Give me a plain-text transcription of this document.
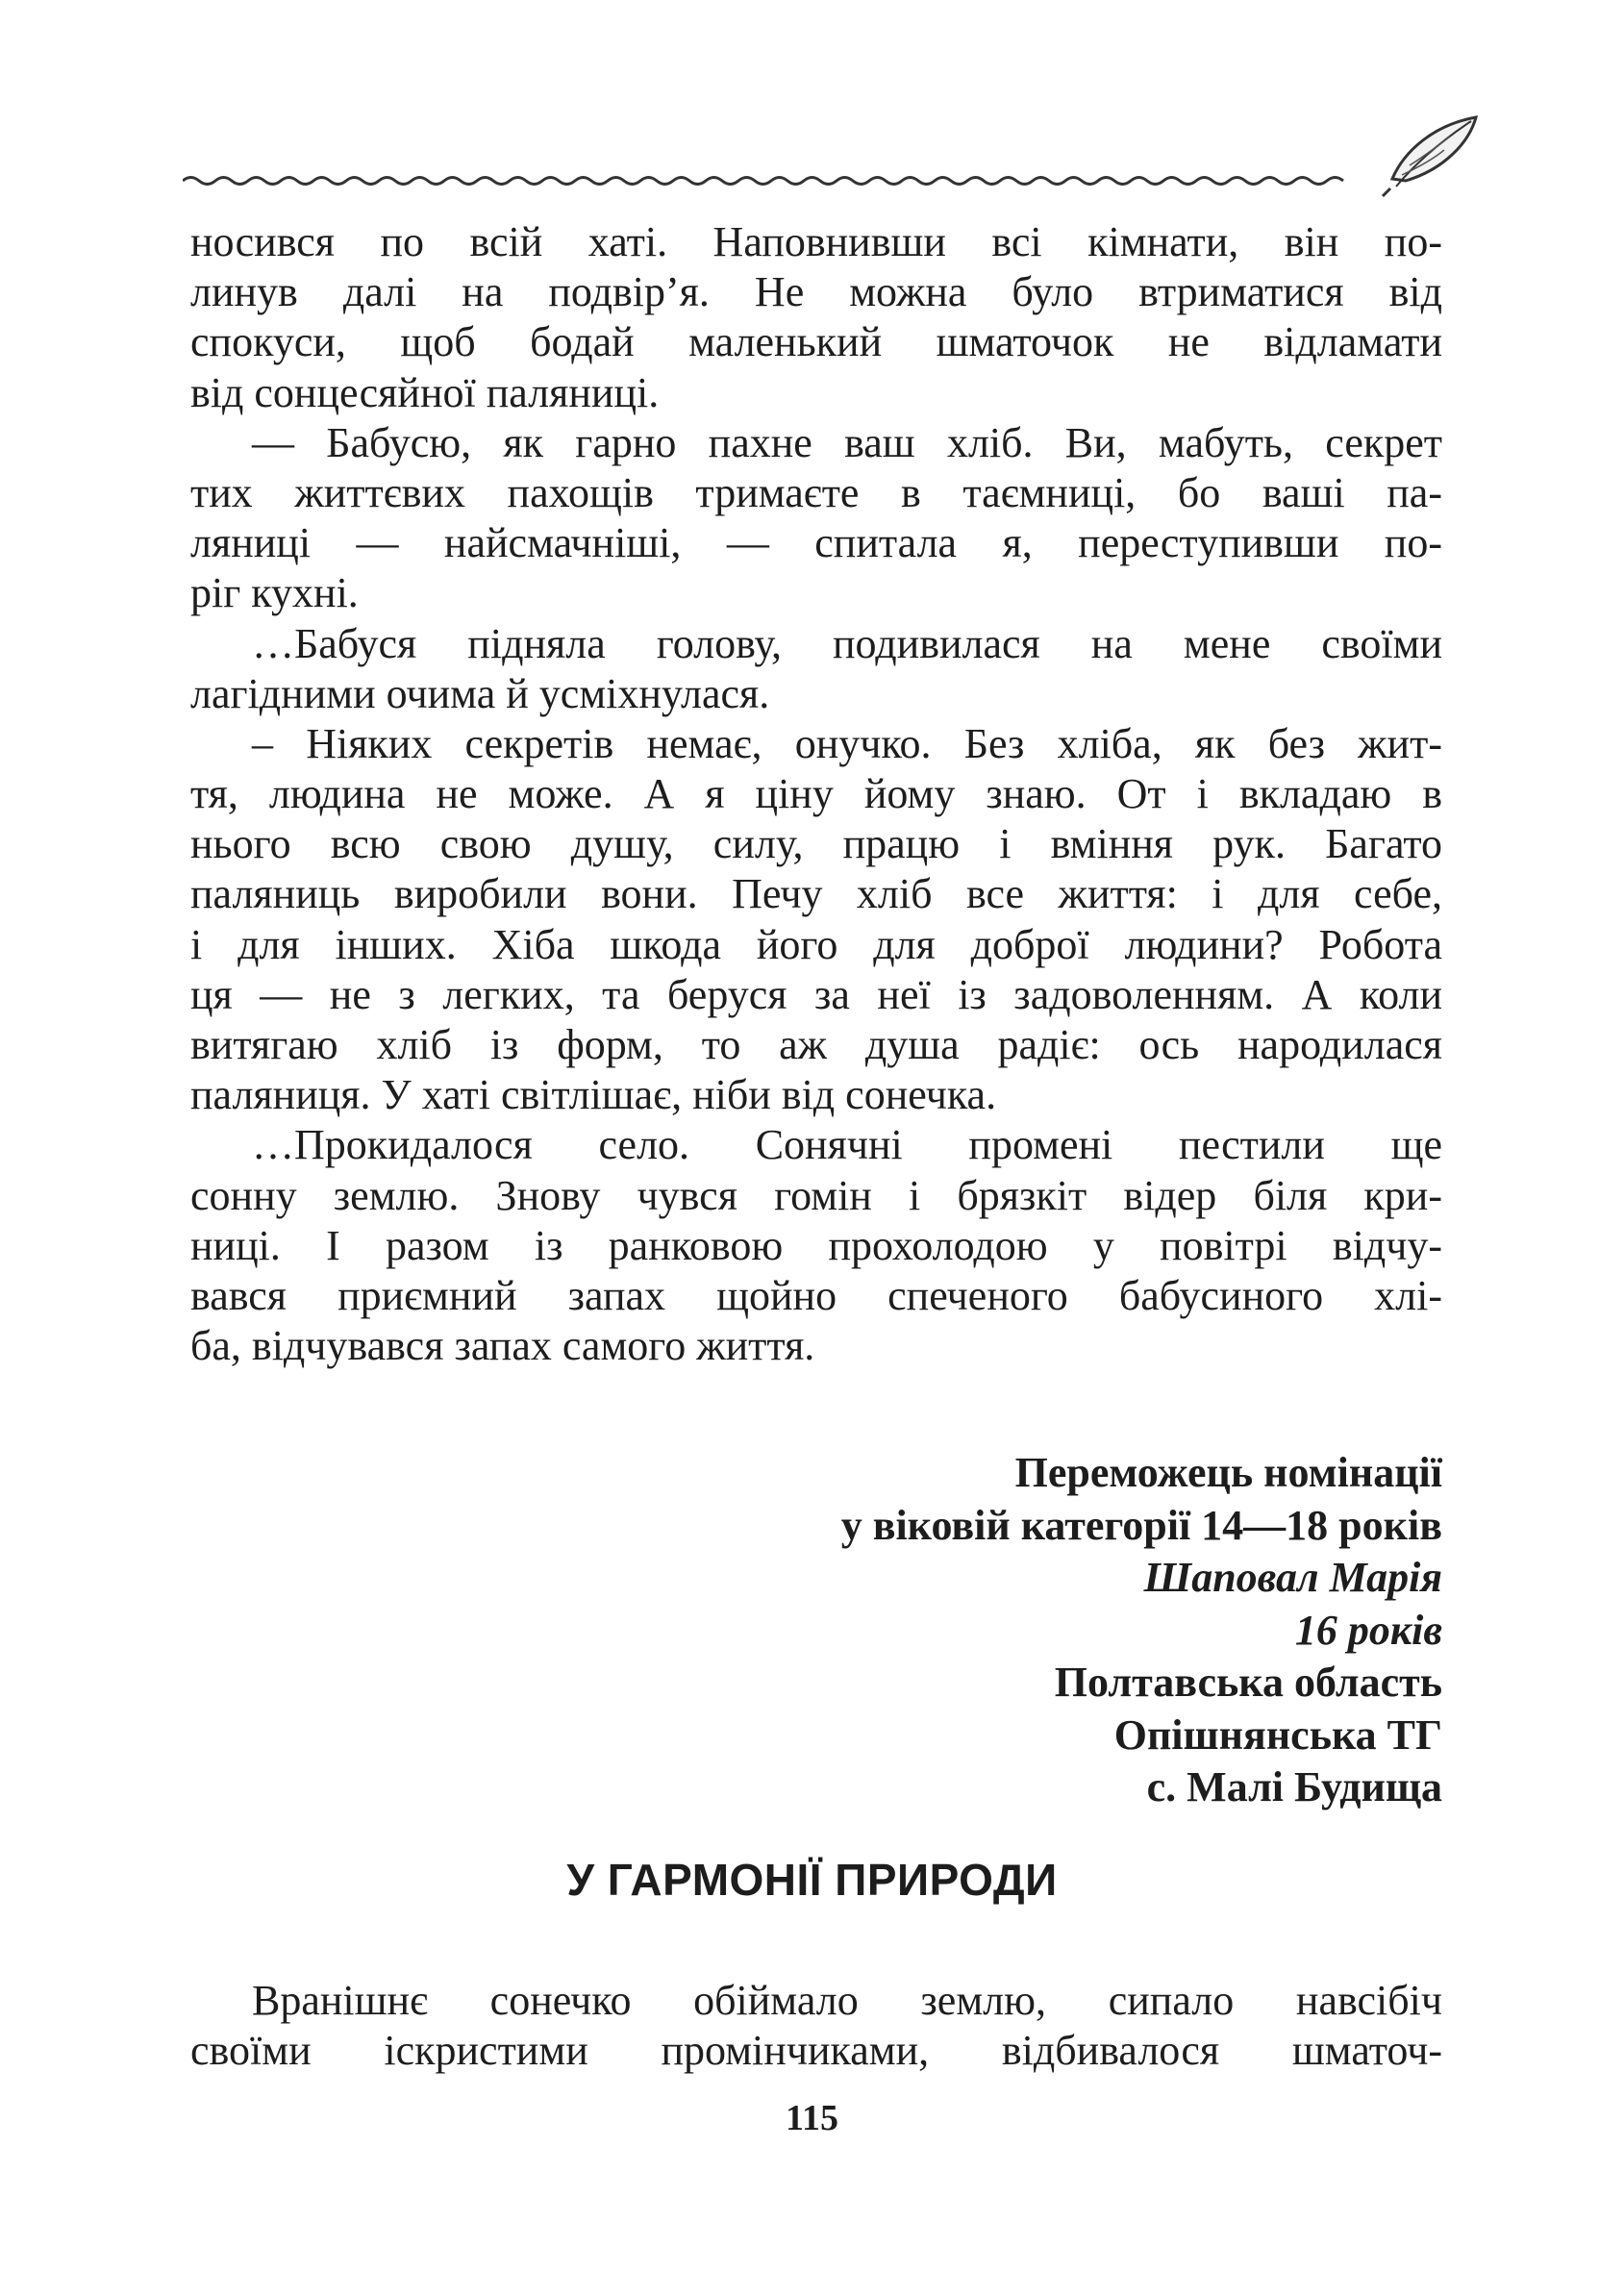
носився по всій хаті. Наповнивши всі кімнати, він по-
линув далі на подвір’я. Не можна було втриматися від
спокуси, щоб бодай маленький шматочок не відламати
від сонцесяйної паляниці.
— Бабусю, як гарно пахне ваш хліб. Ви, мабуть, секрет
тих життєвих пахощів тримаєте в таємниці, бо ваші па-
ляниці — найсмачніші, — спитала я, переступивши по-
ріг кухні.
…Бабуся підняла голову, подивилася на мене своїми
лагідними очима й усміхнулася.
– Ніяких секретів немає, онучко. Без хліба, як без жит-
тя, людина не може. А я ціну йому знаю. От і вкладаю в
нього всю свою душу, силу, працю і вміння рук. Багато
паляниць виробили вони. Печу хліб все життя: і для себе,
і для інших. Хіба шкода його для доброї людини? Робота
ця — не з легких, та беруся за неї із задоволенням. А коли
витягаю хліб із форм, то аж душа радіє: ось народилася
паляниця. У хаті світлішає, ніби від сонечка.
…Прокидалося село. Сонячні промені пестили ще
сонну землю. Знову чувся гомін і брязкіт відер біля кри-
ниці. І разом із ранковою прохолодою у повітрі відчу-
вався приємний запах щойно спеченого бабусиного хлі-
ба, відчувався запах самого життя.
Переможець номінації
у віковій категорії 14—18 років
Шаповал Марія
16 років
Полтавська область
Опішнянська ТГ
с. Малі Будища
У ГАРМОНІЇ ПРИРОДИ
Вранішнє сонечко обіймало землю, сипало навсібіч
своїми іскристими промінчиками, відбивалося шматоч-
115
